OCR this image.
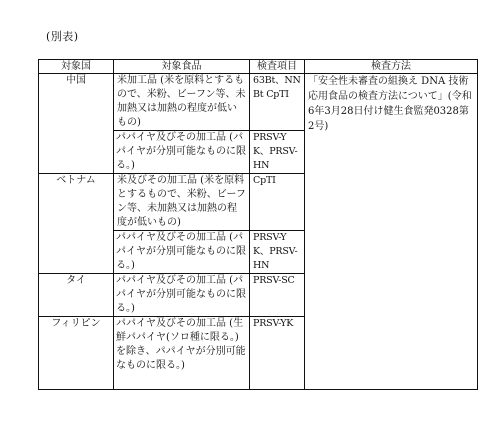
(別表)
対象国	対象食品	検査項目	検査方法
中国	米加工品 (米を原料とするもので、米粉、ビーフン等、未加熱又は加熱の程度が低いもの)	63Bt、NNBt CpTI	「安全性未審査の組換え DNA 技術応用食品の検査方法について」(令和6年3月28日付け健生食監発0328第2号)
	パパイヤ及びその加工品 (パパイヤが分別可能なものに限る。)	PRSV-YK、PRSV-HN	
ベトナム	米及びその加工品 (米を原料とするもので、米粉、ビーフン等、未加熱又は加熱の程度が低いもの)	CpTI	
	パパイヤ及びその加工品 (パパイヤが分別可能なものに限る。)	PRSV-YK、PRSV-HN	
タイ	パパイヤ及びその加工品 (パパイヤが分別可能なものに限る。)	PRSV-SC	
フィリピン	パパイヤ及びその加工品 (生鮮パパイヤ(ソロ種に限る。)を除き、パパイヤが分別可能なものに限る。)	PRSV-YK	
